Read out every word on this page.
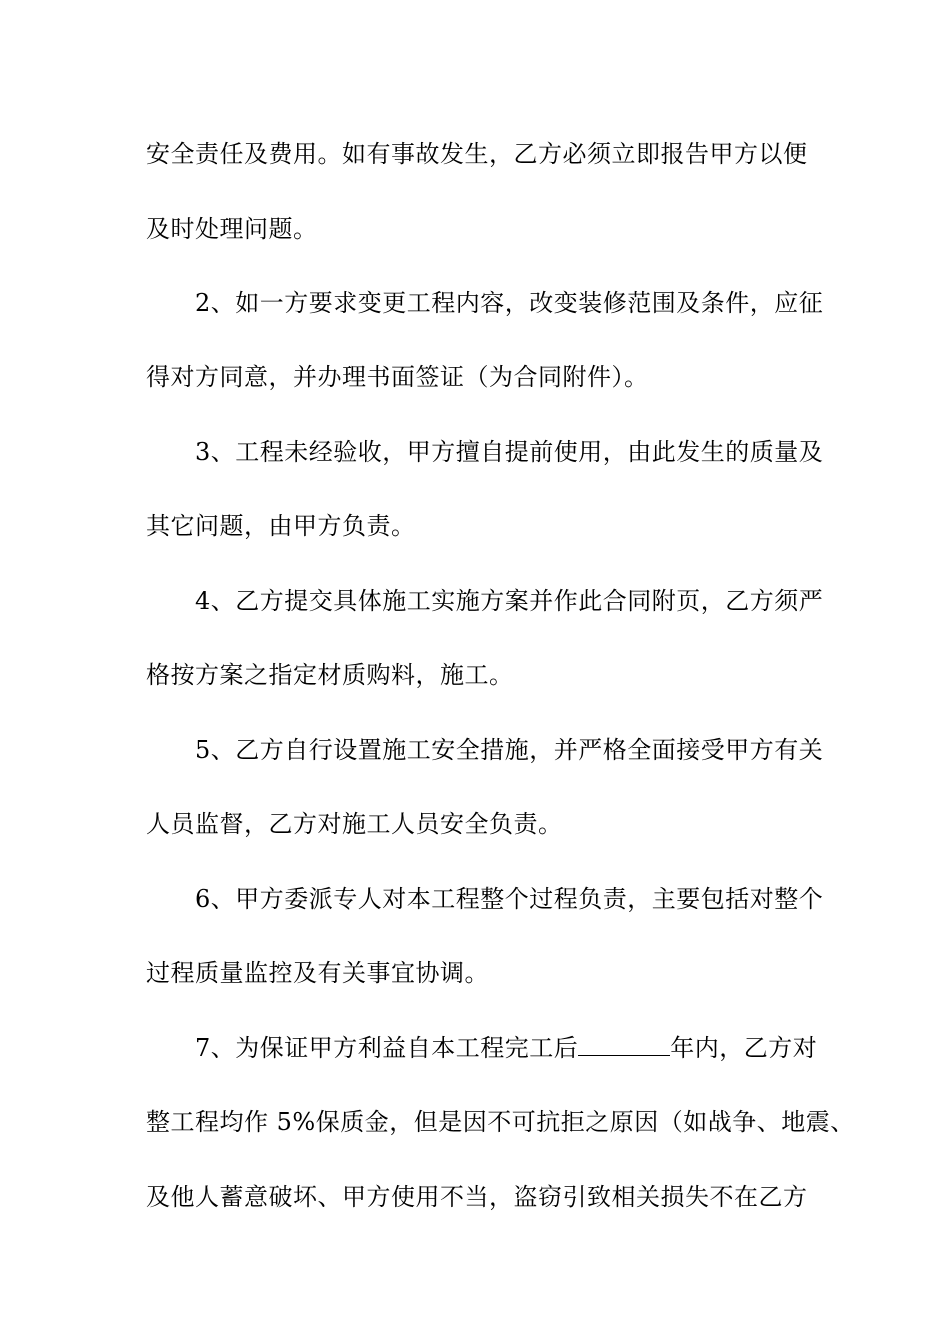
安全责任及费用。如有事故发生，乙方必须立即报告甲方以便
及时处理问题。
2、如一方要求变更工程内容，改变装修范围及条件，应征
得对方同意，并办理书面签证（为合同附件）。
3、工程未经验收，甲方擅自提前使用，由此发生的质量及
其它问题，由甲方负责。
4、乙方提交具体施工实施方案并作此合同附页，乙方须严
格按方案之指定材质购料，施工。
5、乙方自行设置施工安全措施，并严格全面接受甲方有关
人员监督，乙方对施工人员安全负责。
6、甲方委派专人对本工程整个过程负责，主要包括对整个
过程质量监控及有关事宜协调。
7、为保证甲方利益自本工程完工后	年内，乙方对
整工程均作 5%保质金，但是因不可抗拒之原因（如战争、地震、
及他人蓄意破坏、甲方使用不当，盗窃引致相关损失不在乙方
